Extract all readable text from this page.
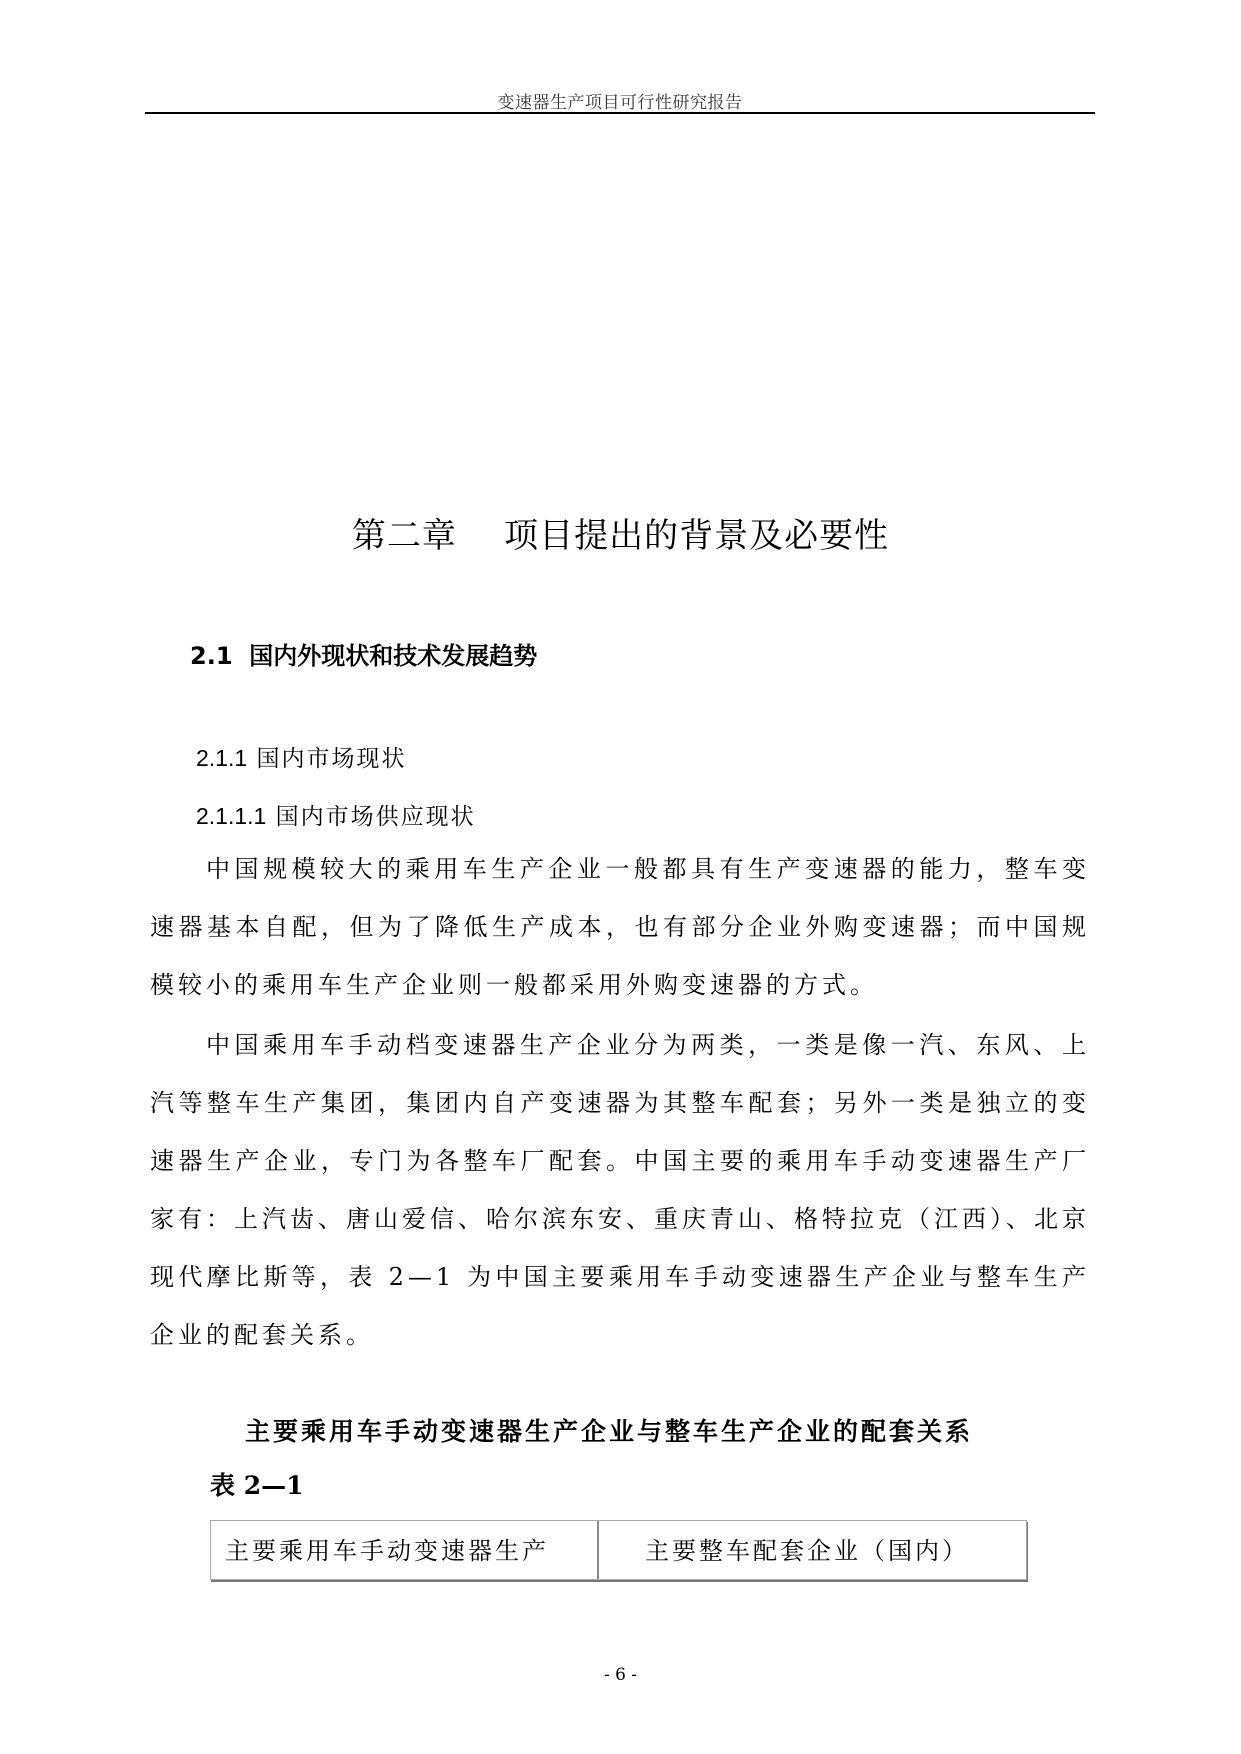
变速器生产项目可行性研究报告
第二章    项目提出的背景及必要性
2.1  国内外现状和技术发展趋势
2.1.1 国内市场现状
2.1.1.1 国内市场供应现状

中国规模较大的乘用车生产企业一般都具有生产变速器的能力，整车变速器基本自配，但为了降低生产成本，也有部分企业外购变速器；而中国规模较小的乘用车生产企业则一般都采用外购变速器的方式。

中国乘用车手动档变速器生产企业分为两类，一类是像一汽、东风、上汽等整车生产集团，集团内自产变速器为其整车配套；另外一类是独立的变速器生产企业，专门为各整车厂配套。中国主要的乘用车手动变速器生产厂家有：上汽齿、唐山爱信、哈尔滨东安、重庆青山、格特拉克（江西）、北京现代摩比斯等，表 2—1 为中国主要乘用车手动变速器生产企业与整车生产企业的配套关系。

主要乘用车手动变速器生产企业与整车生产企业的配套关系
表 2—1
主要乘用车手动变速器生产	主要整车配套企业（国内）
- 6 -
